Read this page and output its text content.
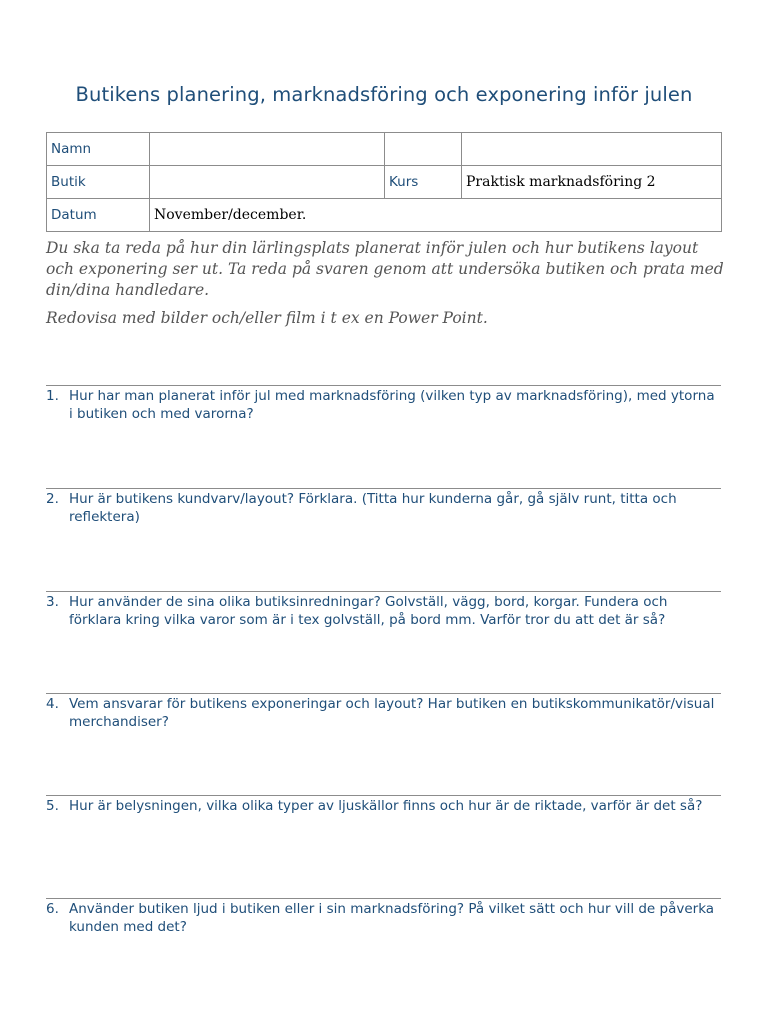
Butikens planering, marknadsföring och exponering inför julen
Namn			
Butik		Kurs	Praktisk marknadsföring 2
Datum	November/december.		

Du ska ta reda på hur din lärlingsplats planerat inför julen och hur butikens layout och exponering ser ut. Ta reda på svaren genom att undersöka butiken och prata med din/dina handledare.

Redovisa med bilder och/eller film i t ex en Power Point.

1. Hur har man planerat inför jul med marknadsföring (vilken typ av marknadsföring), med ytorna i butiken och med varorna?
2. Hur är butikens kundvarv/layout? Förklara. (Titta hur kunderna går, gå själv runt, titta och reflektera)
3. Hur använder de sina olika butiksinredningar? Golvställ, vägg, bord, korgar. Fundera och förklara kring vilka varor som är i tex golvställ, på bord mm. Varför tror du att det är så?
4. Vem ansvarar för butikens exponeringar och layout? Har butiken en butikskommunikatör/visual merchandiser?
5. Hur är belysningen, vilka olika typer av ljuskällor finns och hur är de riktade, varför är det så?
6. Använder butiken ljud i butiken eller i sin marknadsföring? På vilket sätt och hur vill de påverka kunden med det?
